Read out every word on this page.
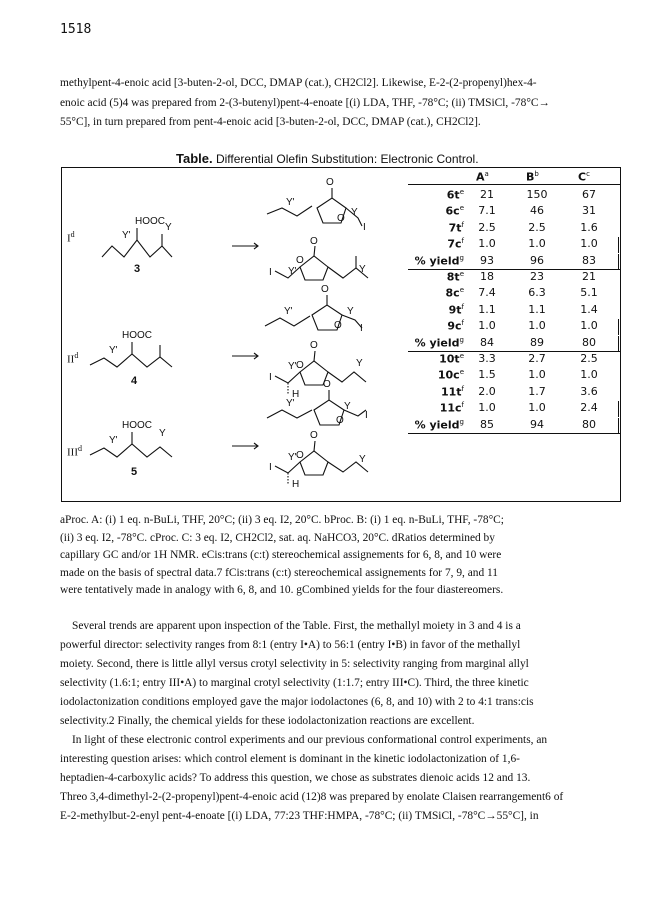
1518

methylpent-4-enoic acid [3-buten-2-ol, DCC, DMAP (cat.), CH2Cl2]. Likewise, E-2-(2-propenyl)hex-4-

enoic acid (5)4 was prepared from 2-(3-butenyl)pent-4-enoate [(i) LDA, THF, -78°C; (ii) TMSiCl, -78°C→

55°C], in turn prepared from pent-4-enoic acid [3-buten-2-ol, DCC, DMAP (cat.), CH2Cl2].

Table. Differential Olefin Substitution: Electronic Control.
$I^d$
$II^d$
III$^d$
HOOC
Y'
Y
3
O
Y'
O
Y
I
O
O
Y'
I	Y
HOOC
Y'
4
O
Y'
O
Y
I
O
O
Y'
I
Y
H
HOOC
Y'
Y
5
O
Y'
O
Y
I
O
O
Y'
I
Y
H
$A^a$	$B^b$	$C^c$
$6t^e$	21	150	67
$6c^e$	7.1	46	31
$7t^f$	2.5	2.5	1.6
$7c^f$	1.0	1.0	1.0
% yield$^g$	93	96	83
$8t^e$	18	23	21
$8c^e$	7.4	6.3	5.1
$9t^f$	1.1	1.1	1.4
$9c^f$	1.0	1.0	1.0
% yield$^g$	84	89	80
$10t^e$	3.3	2.7	2.5
$10c^e$	1.5	1.0	1.0
$11t^f$	2.0	1.7	3.6
$11c^f$	1.0	1.0	2.4
% yield$^g$	85	94	80

aProc. A: (i) 1 eq. n-BuLi, THF, 20°C; (ii) 3 eq. I2, 20°C. bProc. B: (i) 1 eq. n-BuLi, THF, -78°C;

(ii) 3 eq. I2, -78°C. cProc. C: 3 eq. I2, CH2Cl2, sat. aq. NaHCO3, 20°C. dRatios determined by

capillary GC and/or 1H NMR. eCis:trans (c:t) stereochemical assignements for 6, 8, and 10 were

made on the basis of spectral data.7 fCis:trans (c:t) stereochemical assignements for 7, 9, and 11

were tentatively made in analogy with 6, 8, and 10. gCombined yields for the four diastereomers.

Several trends are apparent upon inspection of the Table. First, the methallyl moiety in 3 and 4 is a

powerful director: selectivity ranges from 8:1 (entry I•A) to 56:1 (entry I•B) in favor of the methallyl

moiety. Second, there is little allyl versus crotyl selectivity in 5: selectivity ranging from marginal allyl

selectivity (1.6:1; entry III•A) to marginal crotyl selectivity (1:1.7; entry III•C). Third, the three kinetic

iodolactonization conditions employed gave the major iodolactones (6, 8, and 10) with 2 to 4:1 trans:cis

selectivity.2 Finally, the chemical yields for these iodolactonization reactions are excellent.

In light of these electronic control experiments and our previous conformational control experiments, an

interesting question arises: which control element is dominant in the kinetic iodolactonization of 1,6-

heptadien-4-carboxylic acids? To address this question, we chose as substrates dienoic acids 12 and 13.

Threo 3,4-dimethyl-2-(2-propenyl)pent-4-enoic acid (12)8 was prepared by enolate Claisen rearrangement6 of

E-2-methylbut-2-enyl pent-4-enoate [(i) LDA, 77:23 THF:HMPA, -78°C; (ii) TMSiCl, -78°C→55°C], in
